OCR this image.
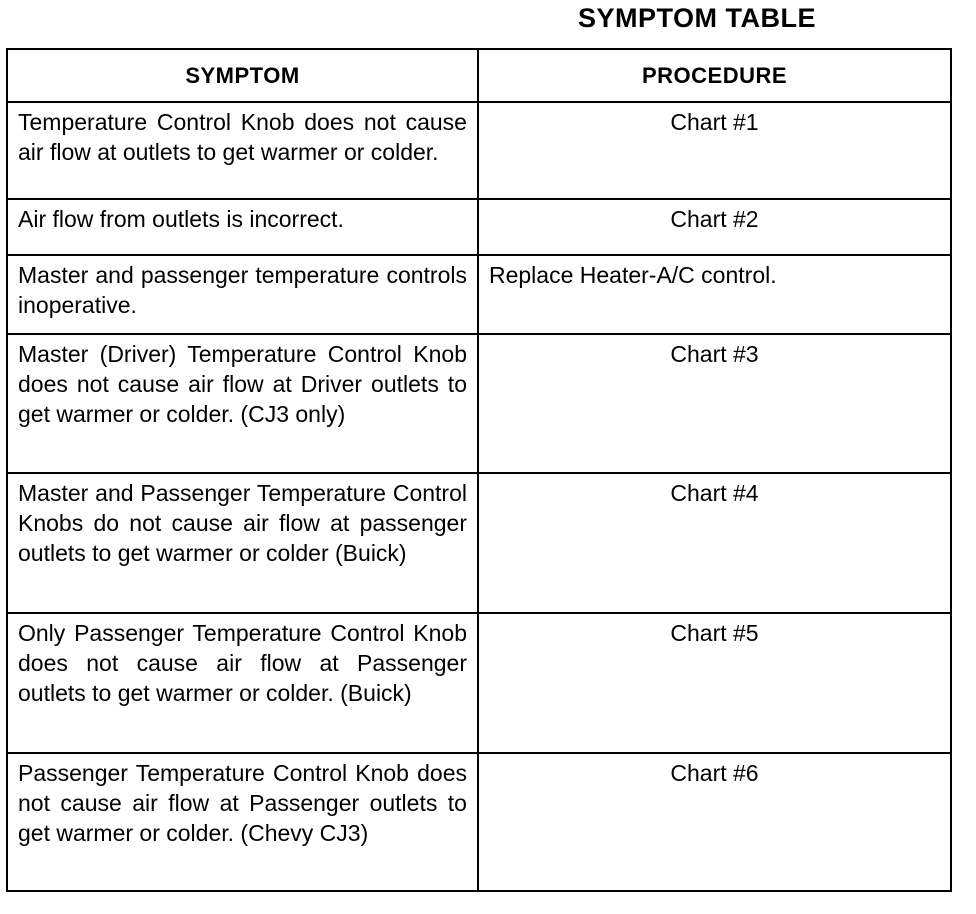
SYMPTOM TABLE
SYMPTOM	PROCEDURE
Temperature Control Knob does not cause air flow at outlets to get warmer or colder.	Chart #1
Air flow from outlets is incorrect.	Chart #2
Master and passenger temperature controls inoperative.	Replace Heater-A/C control.
Master (Driver) Temperature Control Knob does not cause air flow at Driver outlets to get warmer or colder. (CJ3 only)	Chart #3
Master and Passenger Temperature Control Knobs do not cause air flow at passenger outlets to get warmer or colder (Buick)	Chart #4
Only Passenger Temperature Control Knob does not cause air flow at Passenger outlets to get warmer or colder. (Buick)	Chart #5
Passenger Temperature Control Knob does not cause air flow at Passenger outlets to get warmer or colder. (Chevy CJ3)	Chart #6
